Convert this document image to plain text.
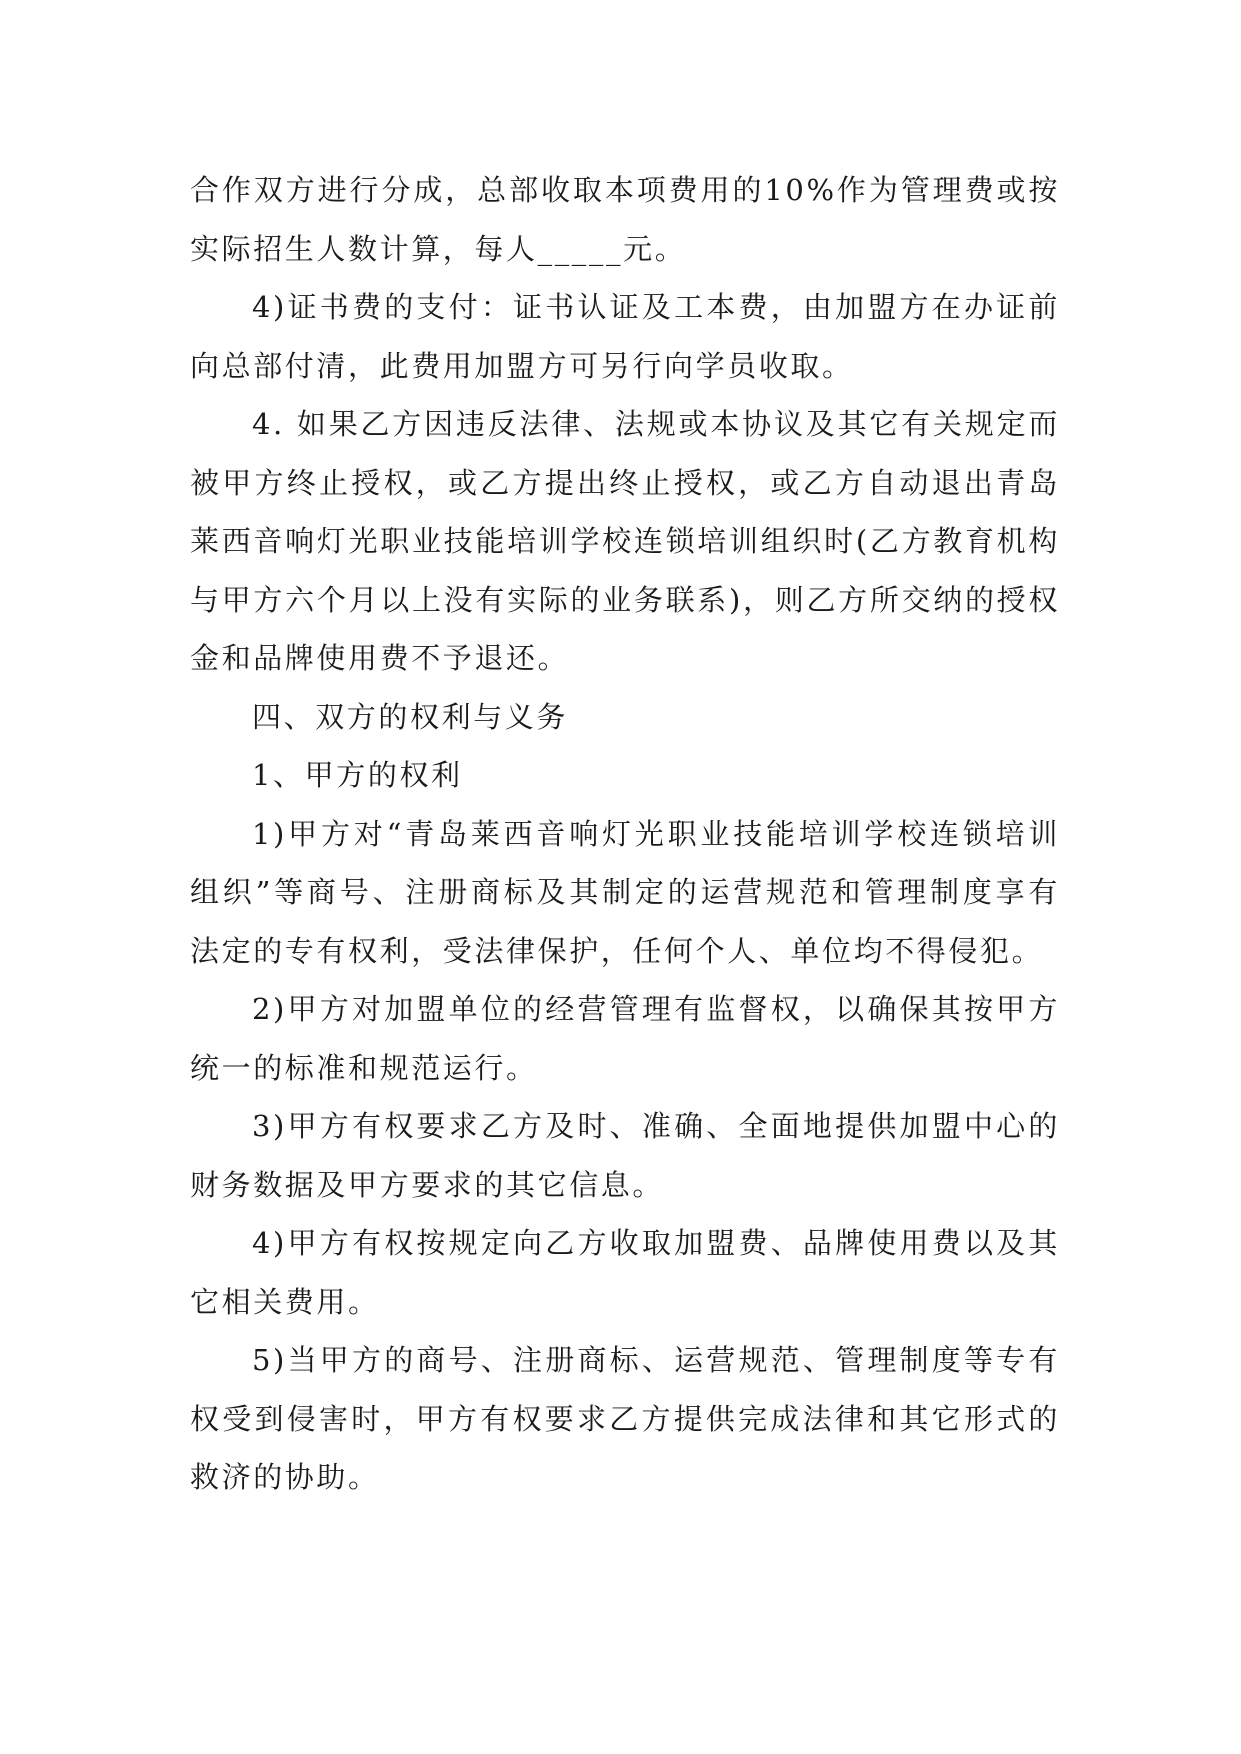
合作双方进行分成，总部收取本项费用的10%作为管理费或按实际招生人数计算，每人_____元。

4)证书费的支付：证书认证及工本费，由加盟方在办证前向总部付清，此费用加盟方可另行向学员收取。

4. 如果乙方因违反法律、法规或本协议及其它有关规定而被甲方终止授权，或乙方提出终止授权，或乙方自动退出青岛莱西音响灯光职业技能培训学校连锁培训组织时(乙方教育机构与甲方六个月以上没有实际的业务联系)，则乙方所交纳的授权金和品牌使用费不予退还。

四、双方的权利与义务

1、甲方的权利

1)甲方对“青岛莱西音响灯光职业技能培训学校连锁培训组织”等商号、注册商标及其制定的运营规范和管理制度享有法定的专有权利，受法律保护，任何个人、单位均不得侵犯。

2)甲方对加盟单位的经营管理有监督权，以确保其按甲方统一的标准和规范运行。

3)甲方有权要求乙方及时、准确、全面地提供加盟中心的财务数据及甲方要求的其它信息。

4)甲方有权按规定向乙方收取加盟费、品牌使用费以及其它相关费用。

5)当甲方的商号、注册商标、运营规范、管理制度等专有权受到侵害时，甲方有权要求乙方提供完成法律和其它形式的救济的协助。
